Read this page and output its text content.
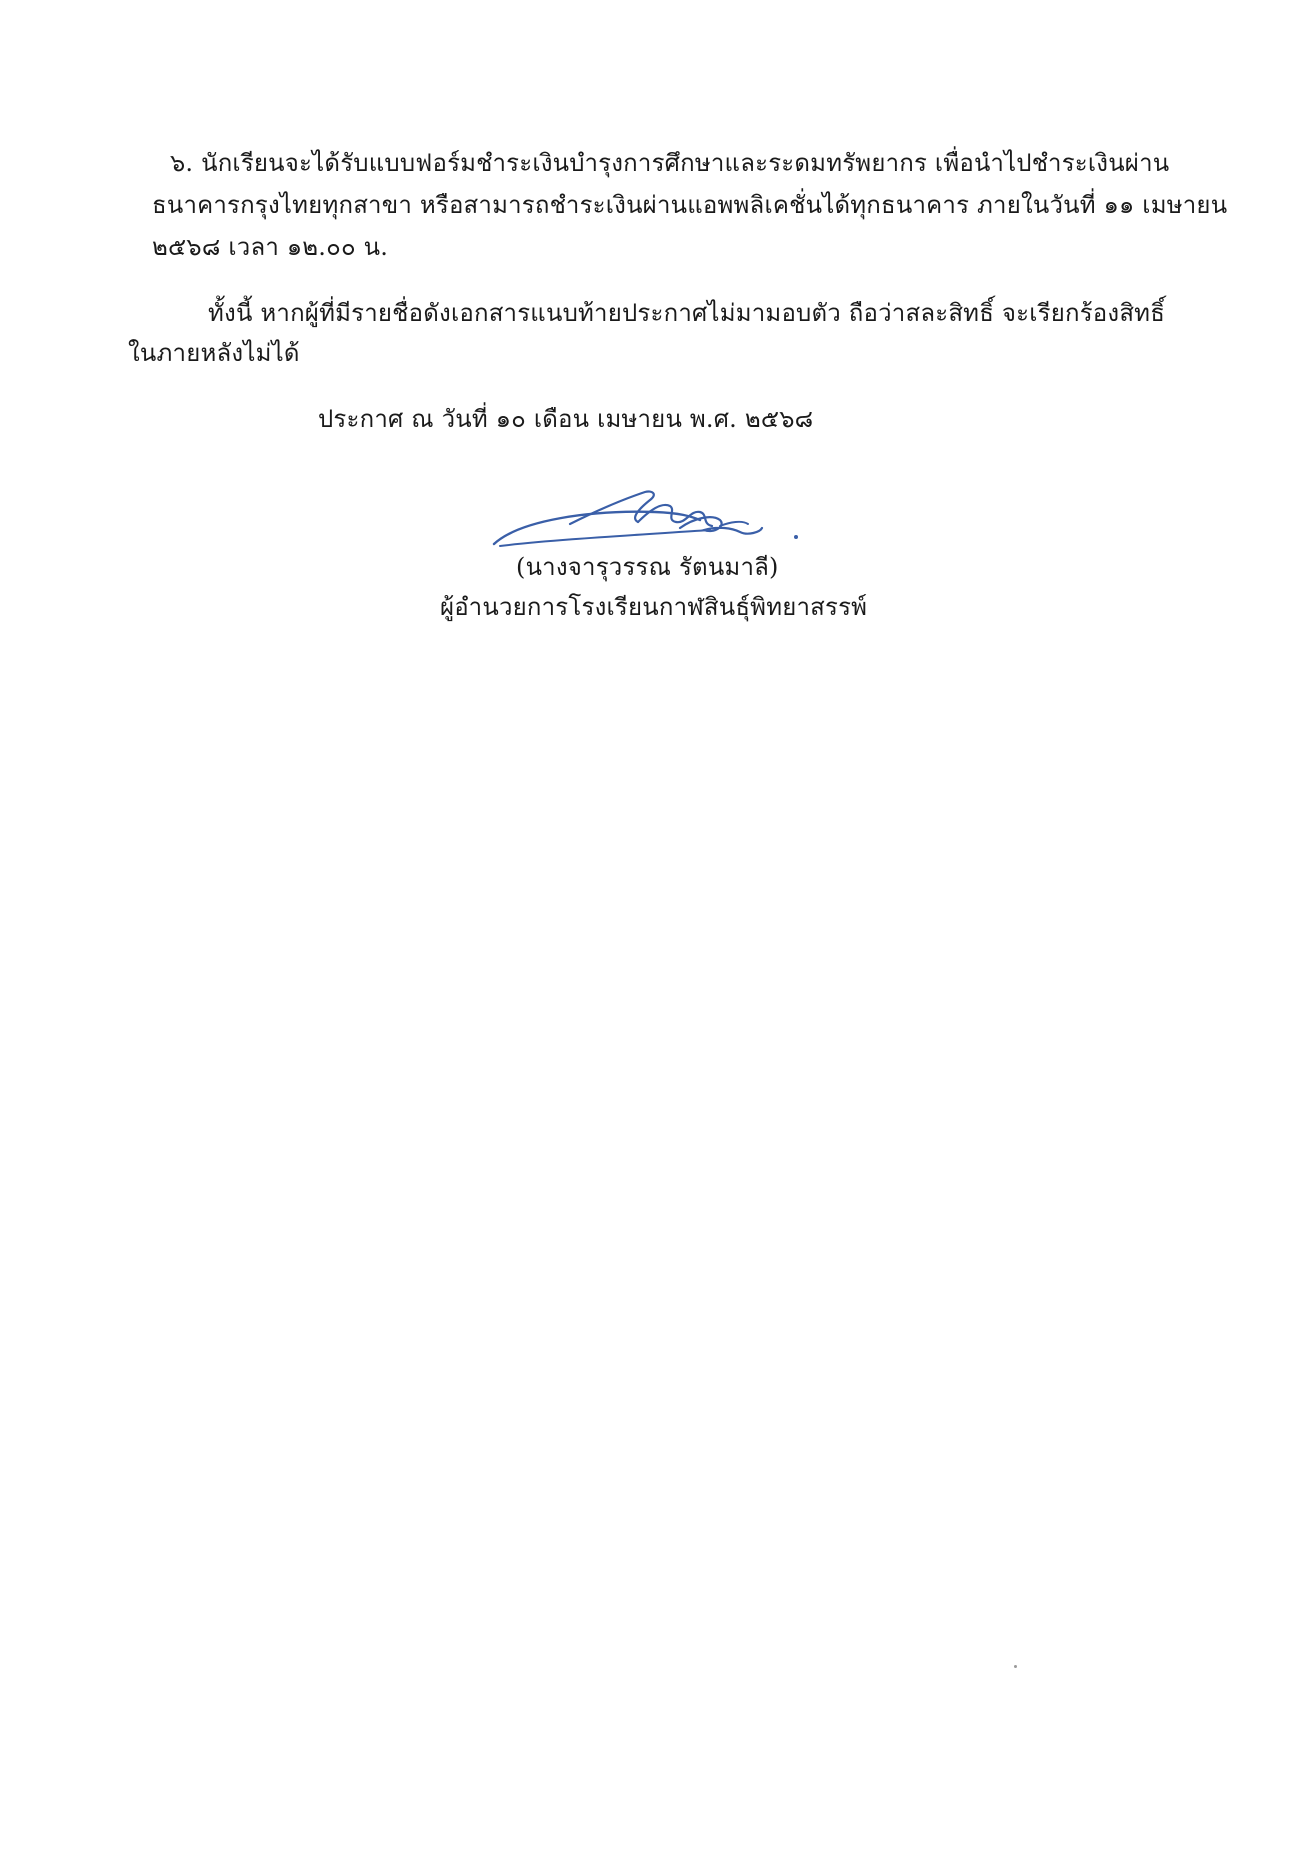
๖. นักเรียนจะได้รับแบบฟอร์มชำระเงินบำรุงการศึกษาและระดมทรัพยากร เพื่อนำไปชำระเงินผ่าน
ธนาคารกรุงไทยทุกสาขา หรือสามารถชำระเงินผ่านแอพพลิเคชั่นได้ทุกธนาคาร ภายในวันที่ ๑๑ เมษายน
๒๕๖๘ เวลา ๑๒.๐๐ น.
ทั้งนี้ หากผู้ที่มีรายชื่อดังเอกสารแนบท้ายประกาศไม่มามอบตัว ถือว่าสละสิทธิ์ จะเรียกร้องสิทธิ์
ในภายหลังไม่ได้
ประกาศ ณ วันที่ ๑๐ เดือน เมษายน พ.ศ. ๒๕๖๘
(นางจารุวรรณ รัตนมาลี)
ผู้อำนวยการโรงเรียนกาฬสินธุ์พิทยาสรรพ์
